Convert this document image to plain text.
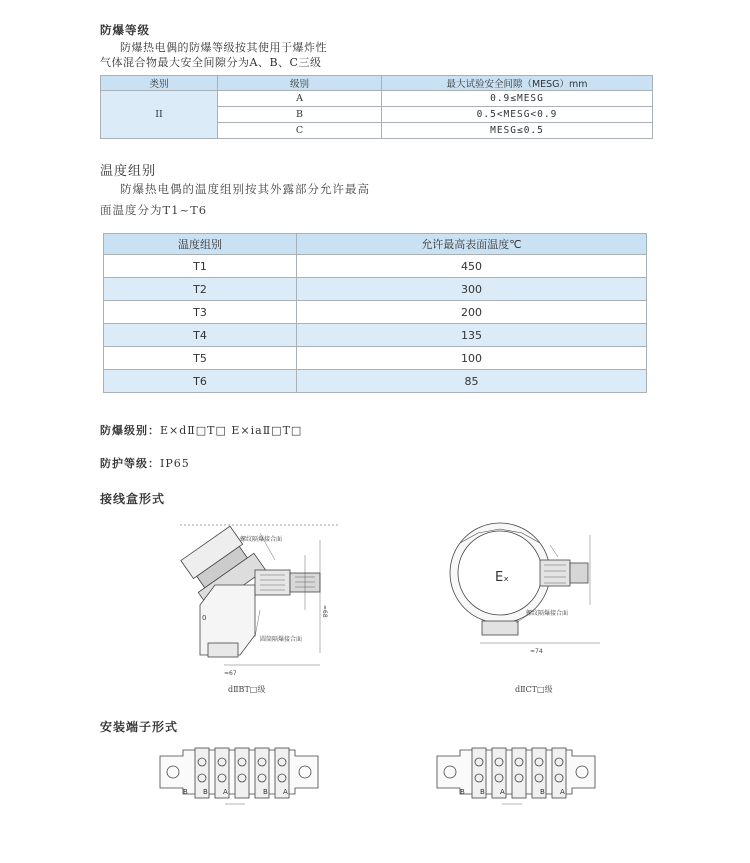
防爆等级
防爆热电偶的防爆等级按其使用于爆炸性
气体混合物最大安全间隙分为A、B、C三级
类别	级别	最大试验安全间隙（MESG）mm
II	A	0.9≤MESG
	B	0.5<MESG<0.9
	C	MESG≤0.5
温度组别
防爆热电偶的温度组别按其外露部分允许最高
面温度分为T1~T6
温度组别	允许最高表面温度℃
T1	450
T2	300
T3	200
T4	135
T5	100
T6	85
防爆级别：E×dⅡ□T□ E×iaⅡ□T□
防护等级：IP65
接线盒形式
螺纹隔爆接合面
圆筒隔爆接合面
≈67
≈68
0
dⅡBT□级
Eₓ
螺纹隔爆接合面
≈74
dⅡCT□级
安装端子形式
B B A	B A	B B A	B A
